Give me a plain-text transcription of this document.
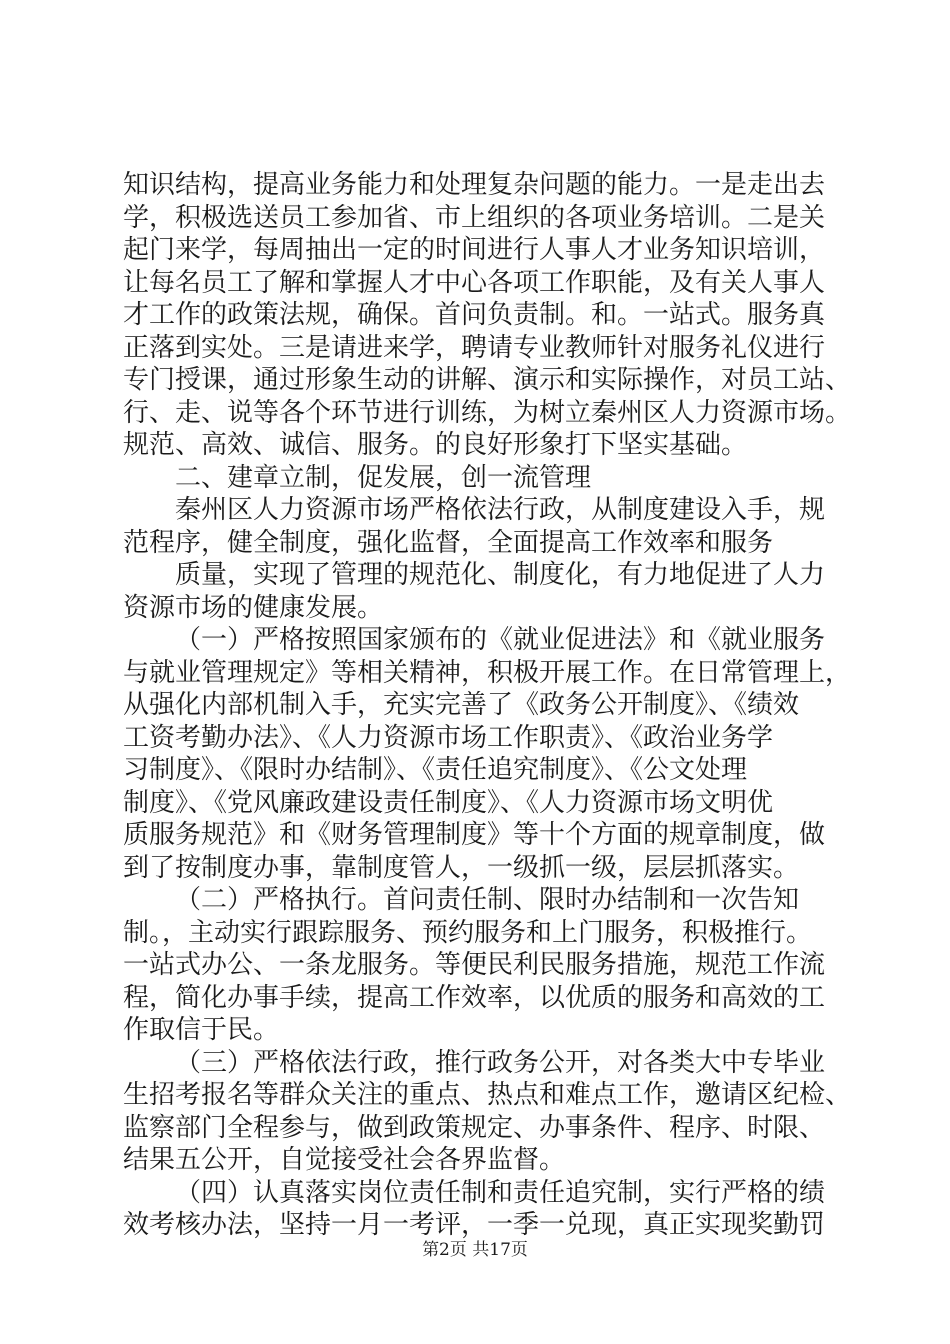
知识结构，提高业务能力和处理复杂问题的能力。一是走出去
学，积极选送员工参加省、市上组织的各项业务培训。二是关
起门来学，每周抽出一定的时间进行人事人才业务知识培训，
让每名员工了解和掌握人才中心各项工作职能，及有关人事人
才工作的政策法规，确保。首问负责制。和。一站式。服务真
正落到实处。三是请进来学，聘请专业教师针对服务礼仪进行
专门授课，通过形象生动的讲解、演示和实际操作，对员工站、
行、走、说等各个环节进行训练，为树立秦州区人力资源市场。
规范、高效、诚信、服务。的良好形象打下坚实基础。
二、建章立制，促发展，创一流管理
秦州区人力资源市场严格依法行政，从制度建设入手，规
范程序，健全制度，强化监督，全面提高工作效率和服务
质量，实现了管理的规范化、制度化，有力地促进了人力
资源市场的健康发展。
（一）严格按照国家颁布的《就业促进法》和《就业服务
与就业管理规定》等相关精神，积极开展工作。在日常管理上，
从强化内部机制入手，充实完善了《政务公开制度》、《绩效
工资考勤办法》、《人力资源市场工作职责》、《政治业务学
习制度》、《限时办结制》、《责任追究制度》、《公文处理
制度》、《党风廉政建设责任制度》、《人力资源市场文明优
质服务规范》和《财务管理制度》等十个方面的规章制度，做
到了按制度办事，靠制度管人，一级抓一级，层层抓落实。
（二）严格执行。首问责任制、限时办结制和一次告知
制。，主动实行跟踪服务、预约服务和上门服务，积极推行。
一站式办公、一条龙服务。等便民利民服务措施，规范工作流
程，简化办事手续，提高工作效率，以优质的服务和高效的工
作取信于民。
（三）严格依法行政，推行政务公开，对各类大中专毕业
生招考报名等群众关注的重点、热点和难点工作，邀请区纪检、
监察部门全程参与，做到政策规定、办事条件、程序、时限、
结果五公开，自觉接受社会各界监督。
（四）认真落实岗位责任制和责任追究制，实行严格的绩
效考核办法，坚持一月一考评，一季一兑现，真正实现奖勤罚
第2页 共17页
